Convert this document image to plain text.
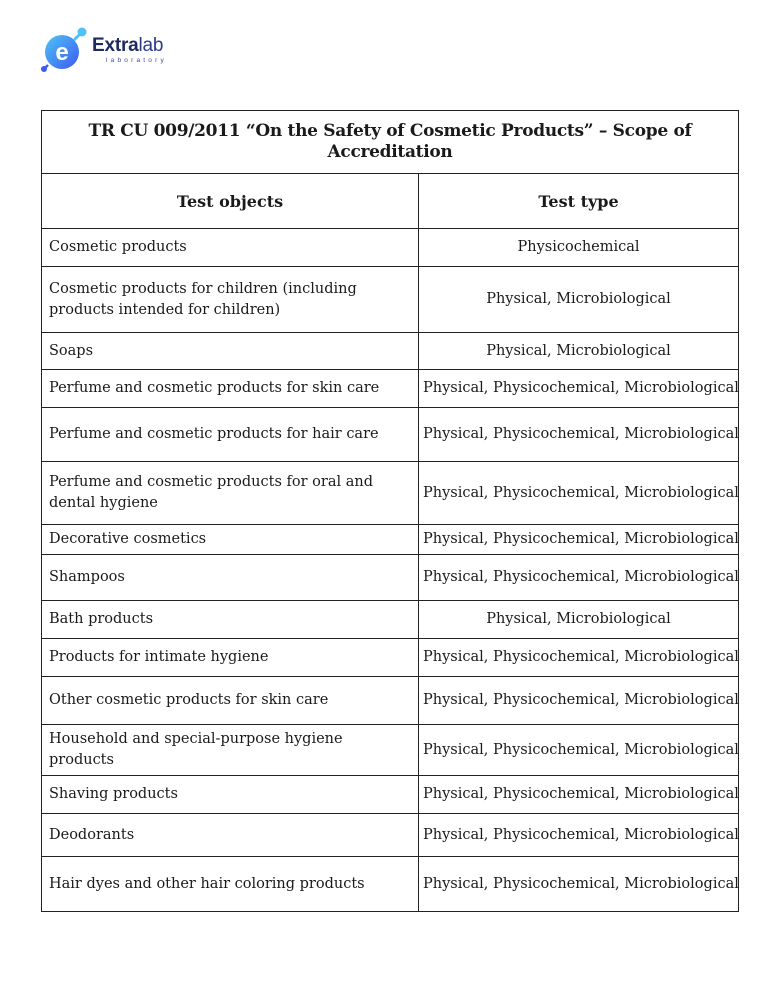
e Extralab
laboratory
TR CU 009/2011 “On the Safety of Cosmetic Products” – Scope of Accreditation	
Test objects	Test type
Cosmetic products	Physicochemical
Cosmetic products for children (including products intended for children)	Physical, Microbiological
Soaps	Physical, Microbiological
Perfume and cosmetic products for skin care	Physical, Physicochemical, Microbiological
Perfume and cosmetic products for hair care	Physical, Physicochemical, Microbiological
Perfume and cosmetic products for oral and dental hygiene	Physical, Physicochemical, Microbiological
Decorative cosmetics	Physical, Physicochemical, Microbiological
Shampoos	Physical, Physicochemical, Microbiological
Bath products	Physical, Microbiological
Products for intimate hygiene	Physical, Physicochemical, Microbiological
Other cosmetic products for skin care	Physical, Physicochemical, Microbiological
Household and special-purpose hygiene products	Physical, Physicochemical, Microbiological
Shaving products	Physical, Physicochemical, Microbiological
Deodorants	Physical, Physicochemical, Microbiological
Hair dyes and other hair coloring products	Physical, Physicochemical, Microbiological
